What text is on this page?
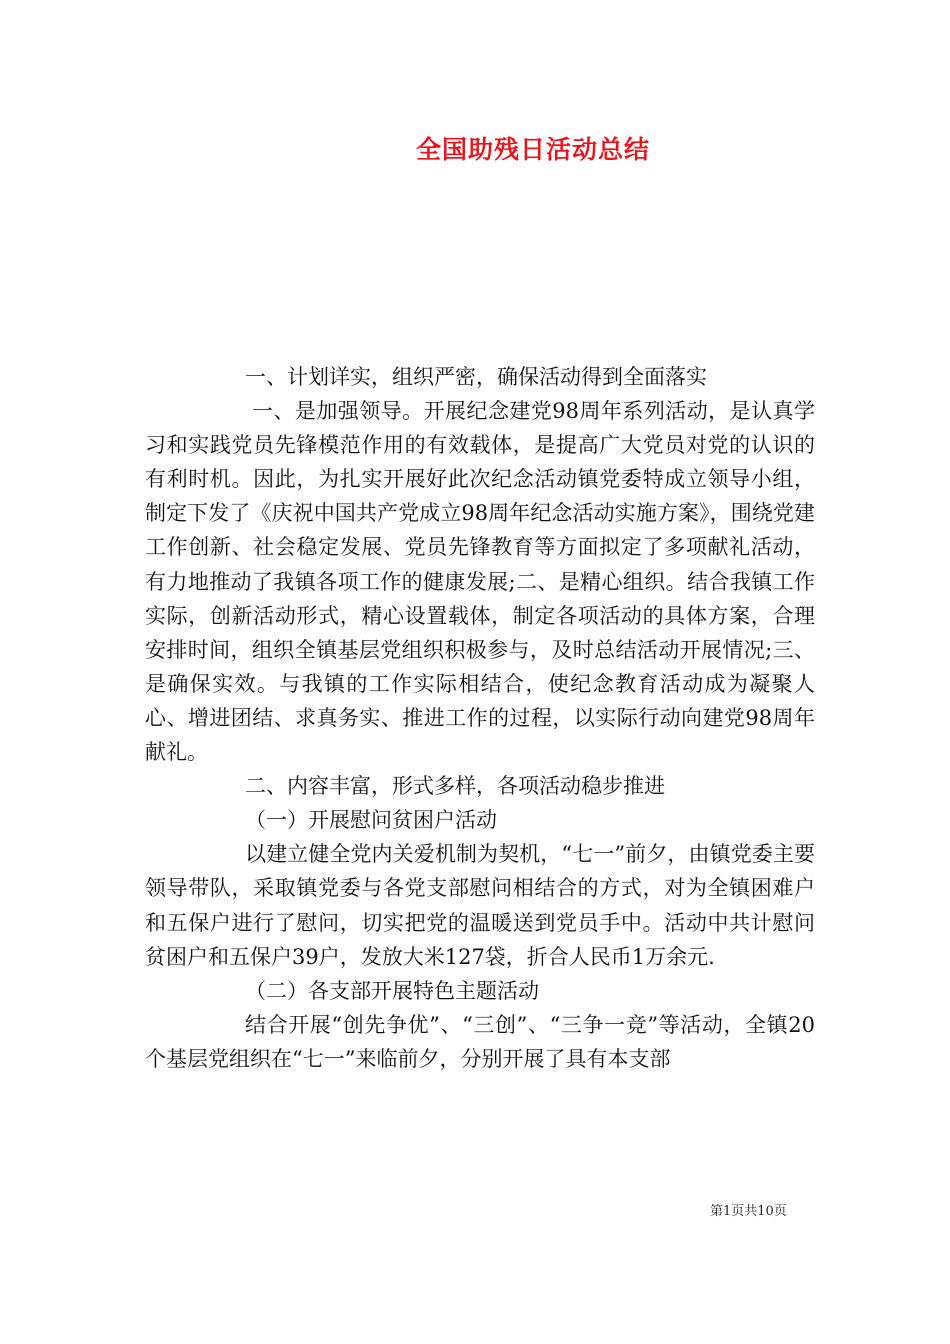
全国助残日活动总结

一、计划详实，组织严密，确保活动得到全面落实

一、是加强领导。开展纪念建党98周年系列活动，是认真学习和实践党员先锋模范作用的有效载体，是提高广大党员对党的认识的有利时机。因此，为扎实开展好此次纪念活动镇党委特成立领导小组，制定下发了《庆祝中国共产党成立98周年纪念活动实施方案》，围绕党建工作创新、社会稳定发展、党员先锋教育等方面拟定了多项献礼活动，有力地推动了我镇各项工作的健康发展;二、是精心组织。结合我镇工作实际，创新活动形式，精心设置载体，制定各项活动的具体方案，合理安排时间，组织全镇基层党组织积极参与，及时总结活动开展情况;三、是确保实效。与我镇的工作实际相结合，使纪念教育活动成为凝聚人心、增进团结、求真务实、推进工作的过程，以实际行动向建党98周年献礼。

二、内容丰富，形式多样，各项活动稳步推进

（一）开展慰问贫困户活动

以建立健全党内关爱机制为契机，“七一”前夕，由镇党委主要领导带队，采取镇党委与各党支部慰问相结合的方式，对为全镇困难户和五保户进行了慰问，切实把党的温暖送到党员手中。活动中共计慰问贫困户和五保户39户，发放大米127袋，折合人民币1万余元.

（二）各支部开展特色主题活动

结合开展“创先争优”、“三创”、“三争一竞”等活动，全镇20个基层党组织在“七一”来临前夕，分别开展了具有本支部

第1页共10页
